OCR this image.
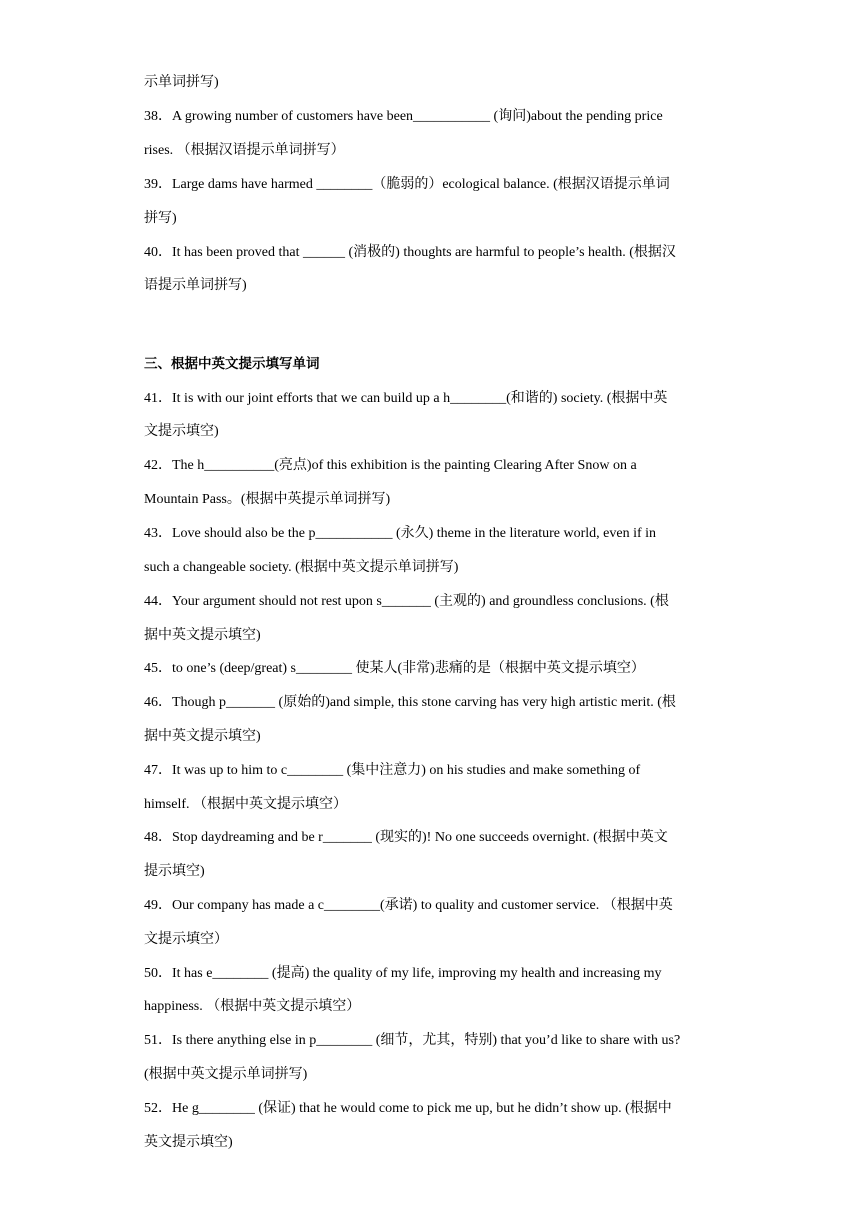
示单词拼写)
38．A growing number of customers have been___________ (询问)about the pending price
rises. （根据汉语提示单词拼写）
39．Large dams have harmed ________（脆弱的）ecological balance. (根据汉语提示单词
拼写)
40．It has been proved that ______ (消极的) thoughts are harmful to people’s health. (根据汉
语提示单词拼写)
三、根据中英文提示填写单词
41．It is with our joint efforts that we can build up a h________(和谐的) society. (根据中英
文提示填空)
42．The h__________(亮点)of this exhibition is the painting Clearing After Snow on a
Mountain Pass。(根据中英提示单词拼写)
43．Love should also be the p___________ (永久) theme in the literature world, even if in
such a changeable society. (根据中英文提示单词拼写)
44．Your argument should not rest upon s_______ (主观的) and groundless conclusions. (根
据中英文提示填空)
45．to one’s (deep/great) s________ 使某人(非常)悲痛的是（根据中英文提示填空）
46．Though p_______ (原始的)and simple, this stone carving has very high artistic merit. (根
据中英文提示填空)
47．It was up to him to c________ (集中注意力) on his studies and make something of
himself. （根据中英文提示填空）
48．Stop daydreaming and be r_______ (现实的)! No one succeeds overnight. (根据中英文
提示填空)
49．Our company has made a c________(承诺) to quality and customer service. （根据中英
文提示填空）
50．It has e________ (提高) the quality of my life, improving my health and increasing my
happiness. （根据中英文提示填空）
51．Is there anything else in p________ (细节，尤其，特别) that you’d like to share with us?
(根据中英文提示单词拼写)
52．He g________ (保证) that he would come to pick me up, but he didn’t show up. (根据中
英文提示填空)
